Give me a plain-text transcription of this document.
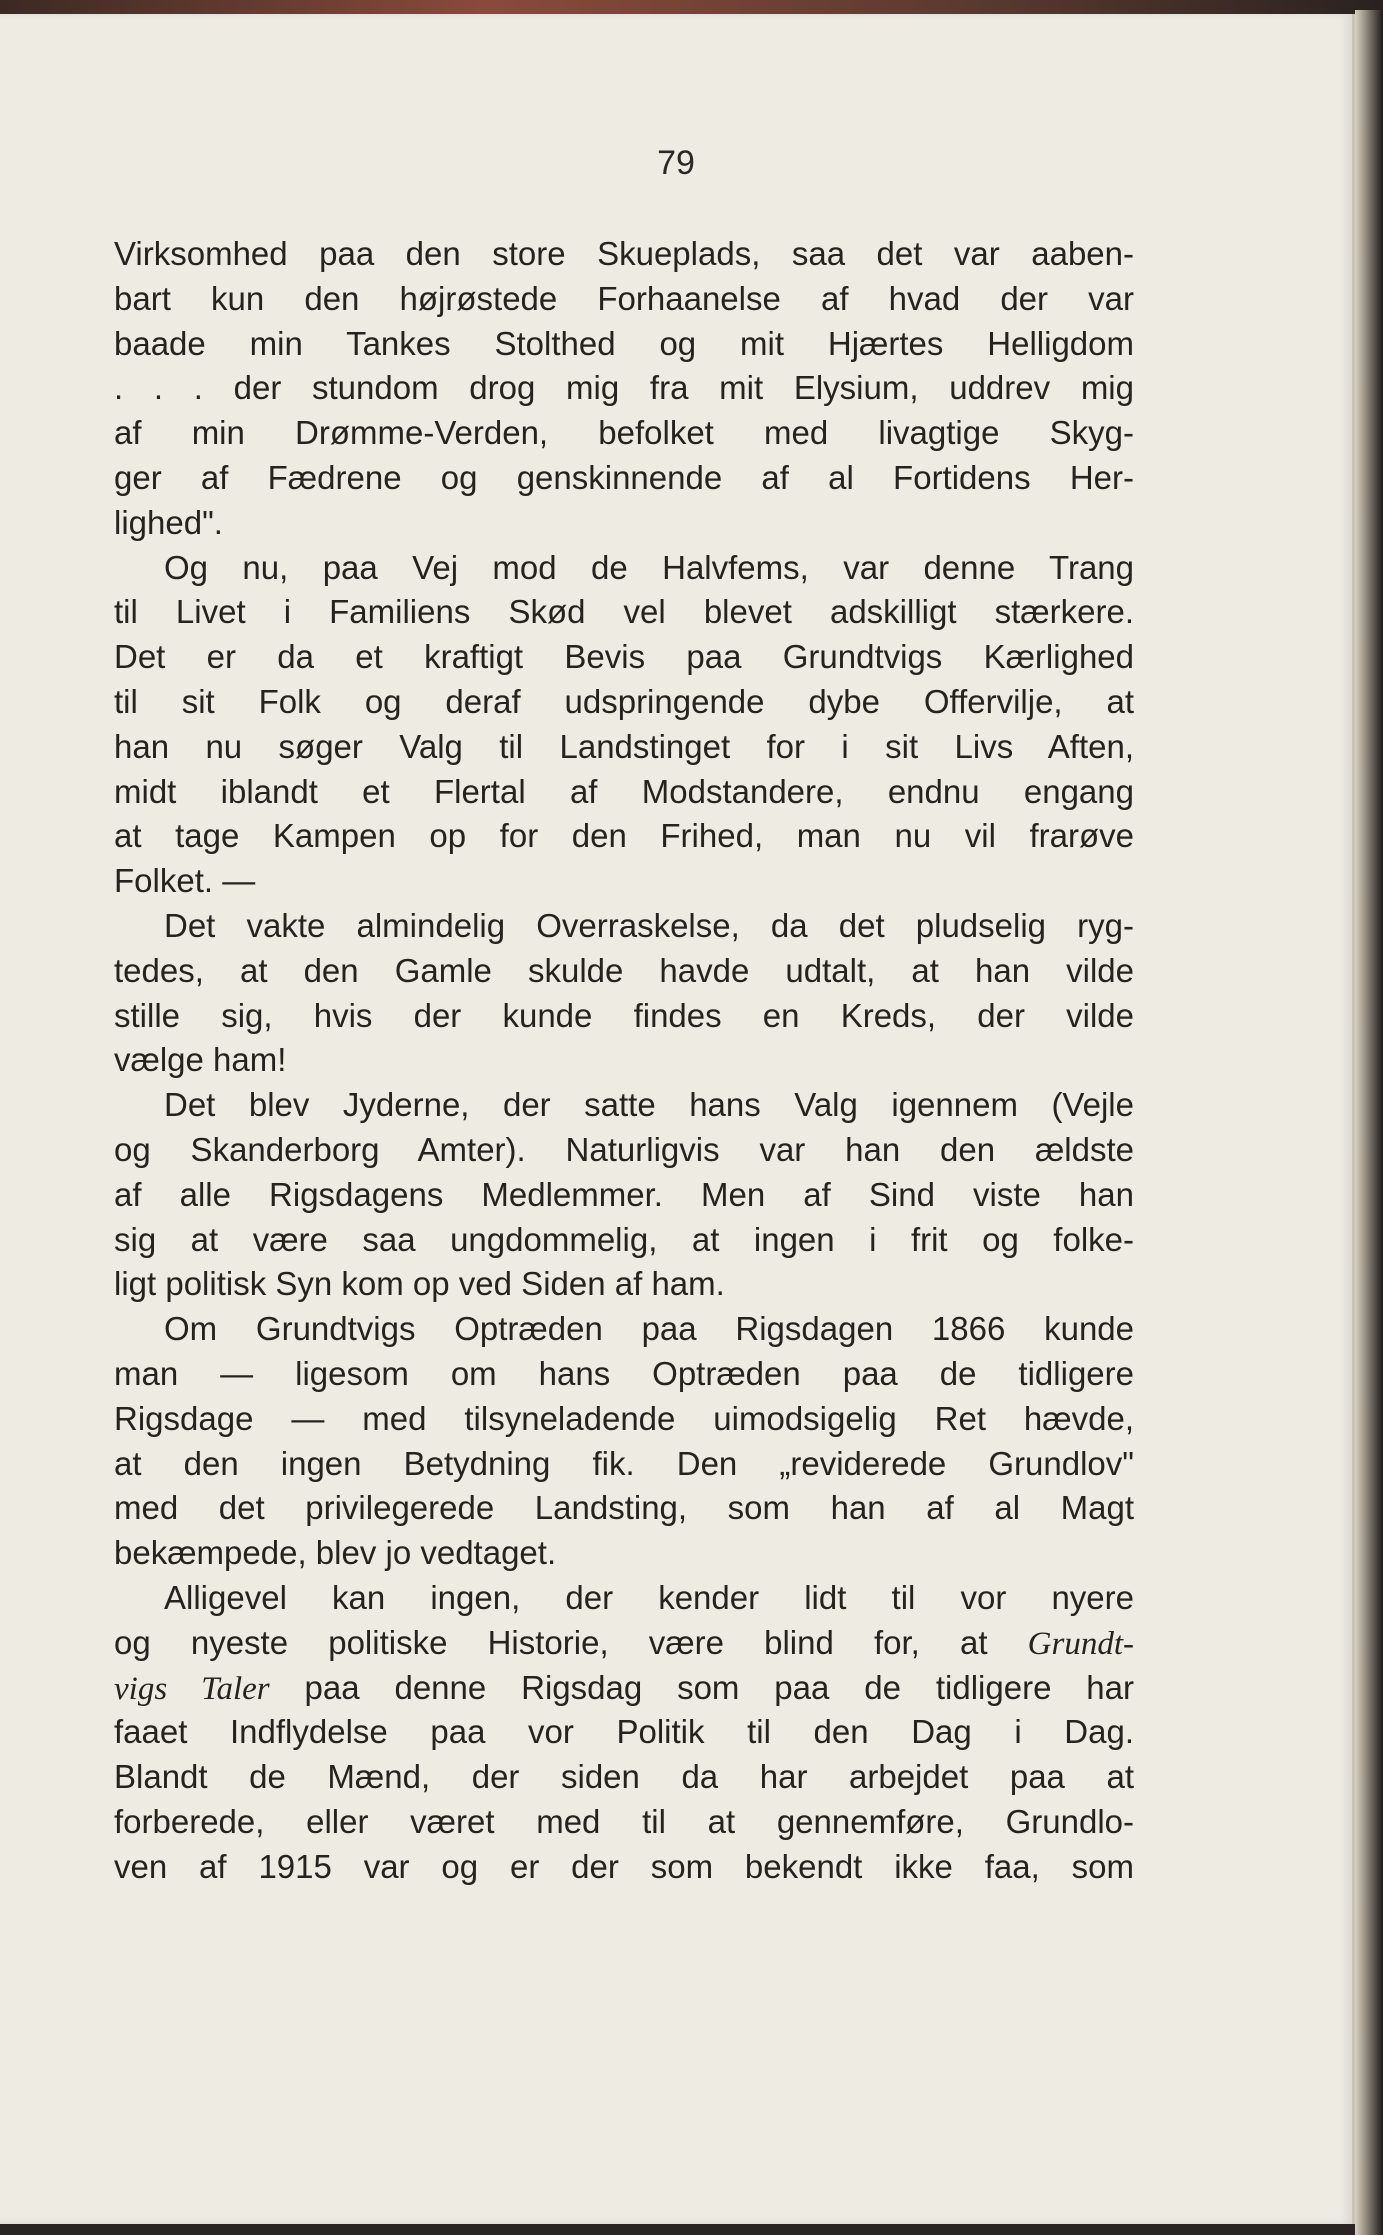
79
Virksomhed paa den store Skueplads, saa det var aaben-
bart kun den højrøstede Forhaanelse af hvad der var
baade min Tankes Stolthed og mit Hjærtes Helligdom
. . . der stundom drog mig fra mit Elysium, uddrev mig
af min Drømme-Verden, befolket med livagtige Skyg-
ger af Fædrene og genskinnende af al Fortidens Her-
lighed".
Og nu, paa Vej mod de Halvfems, var denne Trang
til Livet i Familiens Skød vel blevet adskilligt stærkere.
Det er da et kraftigt Bevis paa Grundtvigs Kærlighed
til sit Folk og deraf udspringende dybe Offervilje, at
han nu søger Valg til Landstinget for i sit Livs Aften,
midt iblandt et Flertal af Modstandere, endnu engang
at tage Kampen op for den Frihed, man nu vil frarøve
Folket. —
Det vakte almindelig Overraskelse, da det pludselig ryg-
tedes, at den Gamle skulde havde udtalt, at han vilde
stille sig, hvis der kunde findes en Kreds, der vilde
vælge ham!
Det blev Jyderne, der satte hans Valg igennem (Vejle
og Skanderborg Amter). Naturligvis var han den ældste
af alle Rigsdagens Medlemmer. Men af Sind viste han
sig at være saa ungdommelig, at ingen i frit og folke-
ligt politisk Syn kom op ved Siden af ham.
Om Grundtvigs Optræden paa Rigsdagen 1866 kunde
man — ligesom om hans Optræden paa de tidligere
Rigsdage — med tilsyneladende uimodsigelig Ret hævde,
at den ingen Betydning fik. Den „reviderede Grundlov"
med det privilegerede Landsting, som han af al Magt
bekæmpede, blev jo vedtaget.
Alligevel kan ingen, der kender lidt til vor nyere
og nyeste politiske Historie, være blind for, at Grundt-
vigs Taler paa denne Rigsdag som paa de tidligere har
faaet Indflydelse paa vor Politik til den Dag i Dag.
Blandt de Mænd, der siden da har arbejdet paa at
forberede, eller været med til at gennemføre, Grundlo-
ven af 1915 var og er der som bekendt ikke faa, som
